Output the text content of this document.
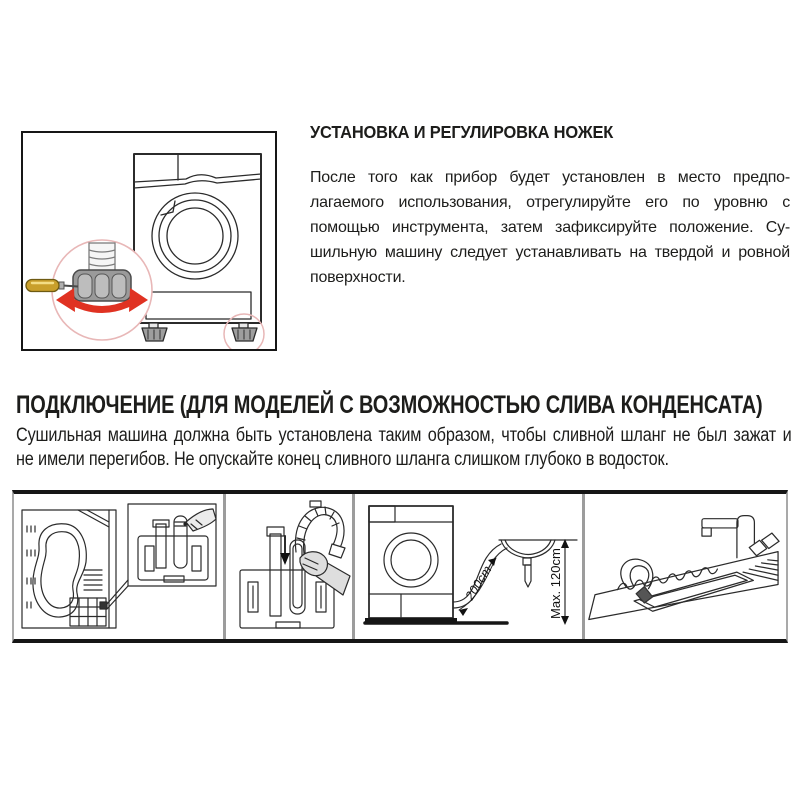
УСТАНОВКА И РЕГУЛИРОВКА НОЖЕК
После того как прибор будет установлен в место предпо-
лагаемого использования, отрегулируйте его по уровню с
помощью инструмента, затем зафиксируйте положение. Су-
шильную машину следует устанавливать на твердой и ровной
поверхности.
ПОДКЛЮЧЕНИЕ (ДЛЯ МОДЕЛЕЙ С ВОЗМОЖНОСТЬЮ СЛИВА КОНДЕНСАТА)
Сушильная машина должна быть установлена таким образом, чтобы сливной шланг не был зажат и
не имели перегибов. Не опускайте конец сливного шланга слишком глубоко в водосток.
200cm	Max. 120cm
